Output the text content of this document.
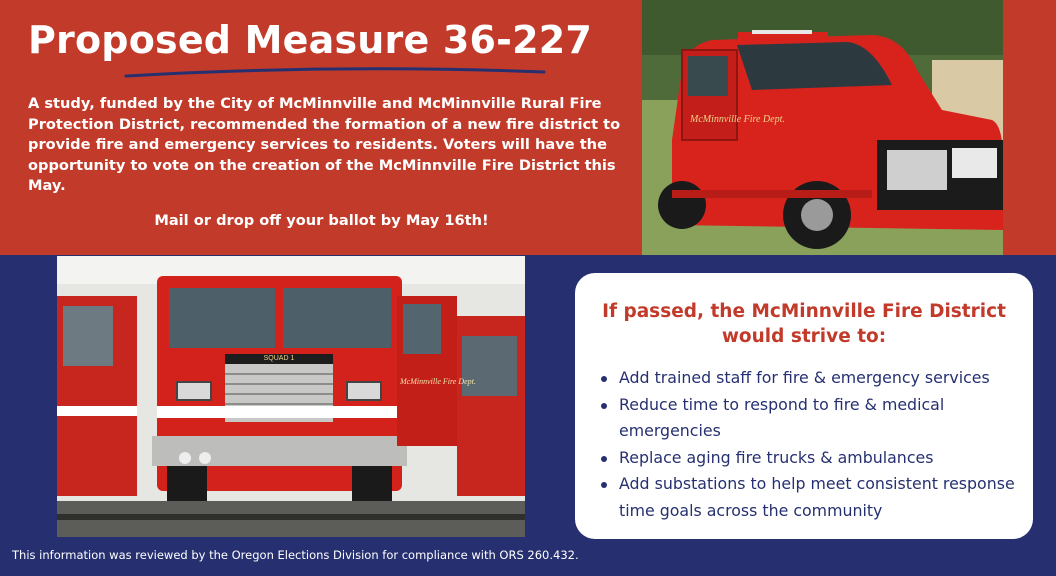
Proposed Measure 36-227
A study, funded by the City of McMinnville and McMinnville Rural Fire Protection District, recommended the formation of a new fire district to provide fire and emergency services to residents. Voters will have the opportunity to vote on the creation of the McMinnville Fire District this May.
Mail or drop off your ballot by May 16th!
McMinnville Fire Dept.
SQUAD 1
McMinnville Fire Dept.
If passed, the McMinnville Fire District would strive to:
Add trained staff for fire & emergency services
Reduce time to respond to fire & medical emergencies
Replace aging fire trucks & ambulances
Add substations to help meet consistent response time goals across the community
This information was reviewed by the Oregon Elections Division for compliance with ORS 260.432.
